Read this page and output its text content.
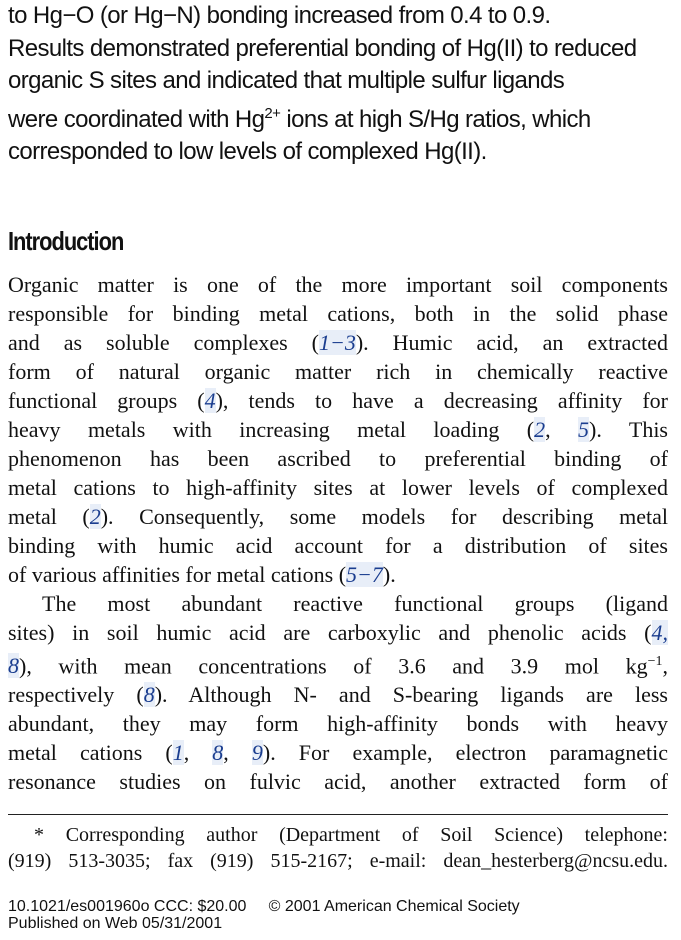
to Hg−O (or Hg−N) bonding increased from 0.4 to 0.9.
Results demonstrated preferential bonding of Hg(II) to reduced
organic S sites and indicated that multiple sulfur ligands
were coordinated with $Hg^{2+}$ ions at high S/Hg ratios, which
corresponded to low levels of complexed Hg(II).
Introduction
Organic matter is one of the more important soil components
responsible for binding metal cations, both in the solid phase
and as soluble complexes (1−3). Humic acid, an extracted
form of natural organic matter rich in chemically reactive
functional groups (4), tends to have a decreasing affinity for
heavy metals with increasing metal loading (2, 5). This
phenomenon has been ascribed to preferential binding of
metal cations to high-affinity sites at lower levels of complexed
metal (2). Consequently, some models for describing metal
binding with humic acid account for a distribution of sites
of various affinities for metal cations (5−7).
The most abundant reactive functional groups (ligand
sites) in soil humic acid are carboxylic and phenolic acids (4,
8), with mean concentrations of 3.6 and 3.9 mol $kg^{-1}$,
respectively (8). Although N- and S-bearing ligands are less
abundant, they may form high-affinity bonds with heavy
metal cations (1, 8, 9). For example, electron paramagnetic
resonance studies on fulvic acid, another extracted form of
* Corresponding author (Department of Soil Science) telephone:
(919) 513-3035; fax (919) 515-2167; e-mail: dean_hesterberg@ncsu.edu.
10.1021/es001960o CCC: $20.00 © 2001 American Chemical Society
Published on Web 05/31/2001
